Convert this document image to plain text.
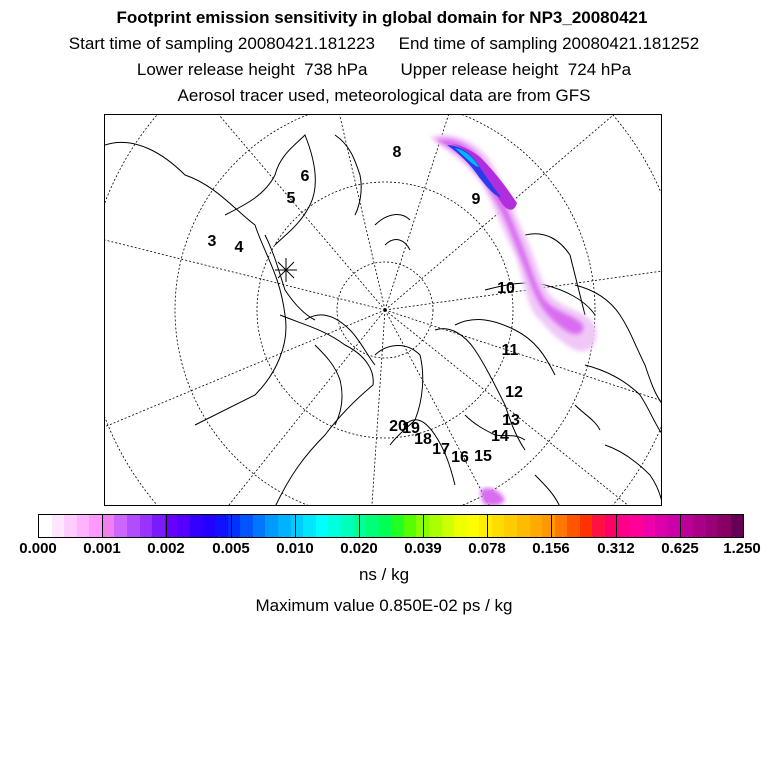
Footprint emission sensitivity in global domain for NP3_20080421
Start time of sampling 20080421.181223     End time of sampling 20080421.181252
Lower release height  738 hPa       Upper release height  724 hPa
Aerosol tracer used, meteorological data are from GFS
3 4
5
6
8
9
10
11
12
13
14
15
16
17
18
19
20
0.000 0.001 0.002 0.005 0.010 0.020 0.039 0.078 0.156 0.312 0.625 1.250
ns / kg
Maximum value 0.850E-02 ps / kg
